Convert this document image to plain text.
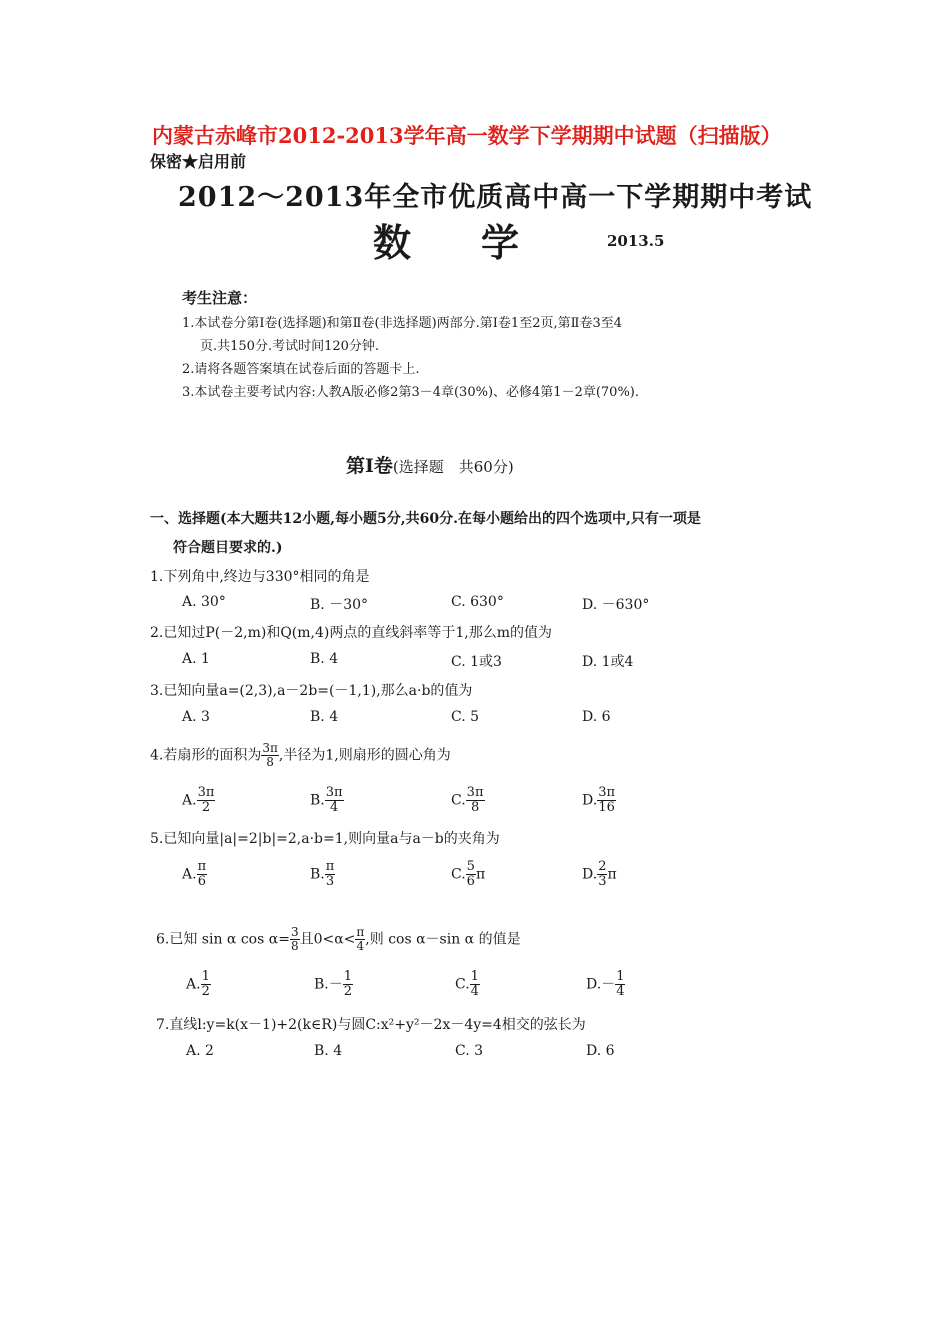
内蒙古赤峰市2012-2013学年高一数学下学期期中试题（扫描版）
保密★启用前
2012～2013年全市优质高中高一下学期期中考试
数学 2013.5
考生注意：
1.本试卷分第Ⅰ卷(选择题)和第Ⅱ卷(非选择题)两部分.第Ⅰ卷1至2页,第Ⅱ卷3至4
页.共150分.考试时间120分钟.
2.请将各题答案填在试卷后面的答题卡上.
3.本试卷主要考试内容:人教A版必修2第3－4章(30%)、必修4第1－2章(70%).
第Ⅰ卷(选择题　共60分)
一、选择题(本大题共12小题,每小题5分,共60分.在每小题给出的四个选项中,只有一项是
符合题目要求的.)
1.下列角中,终边与330°相同的角是
A. 30°	B. －30°	C. 630°	D. －630°
2.已知过P(－2,m)和Q(m,4)两点的直线斜率等于1,那么m的值为
A. 1	B. 4	C. 1或3	D. 1或4
3.已知向量a=(2,3),a－2b=(－1,1),那么a·b的值为
A. 3	B. 4	C. 5	D. 6
4.若扇形的面积为 $\frac{3\pi}{8}$ ,半径为1,则扇形的圆心角为
A. $\frac{3\pi}{2}$	B. $\frac{3\pi}{4}$	C. $\frac{3\pi}{8}$	D. $\frac{3\pi}{16}$
5.已知向量|a|=2|b|=2,a·b=1,则向量a与a－b的夹角为
A. $\frac{\pi}{6}$	B. $\frac{\pi}{3}$	C. $\frac{5}{6}$ π	D. $\frac{2}{3}$ π
6.已知 sin α $\cos \alpha= \frac{3}{8}$ 且$0<\alpha< \frac{\pi}{4}$ ,则 cos α－sin α 的值是
A. $\frac{1}{2}$	$B.- \frac{1}{2}$	C. $\frac{1}{4}$	$D.- \frac{1}{4}$
7.直线l:y=k(x－1)+2(k∈R)与圆C:x²+y²－2x－4y=4相交的弦长为
A. 2	B. 4	C. 3	D. 6
